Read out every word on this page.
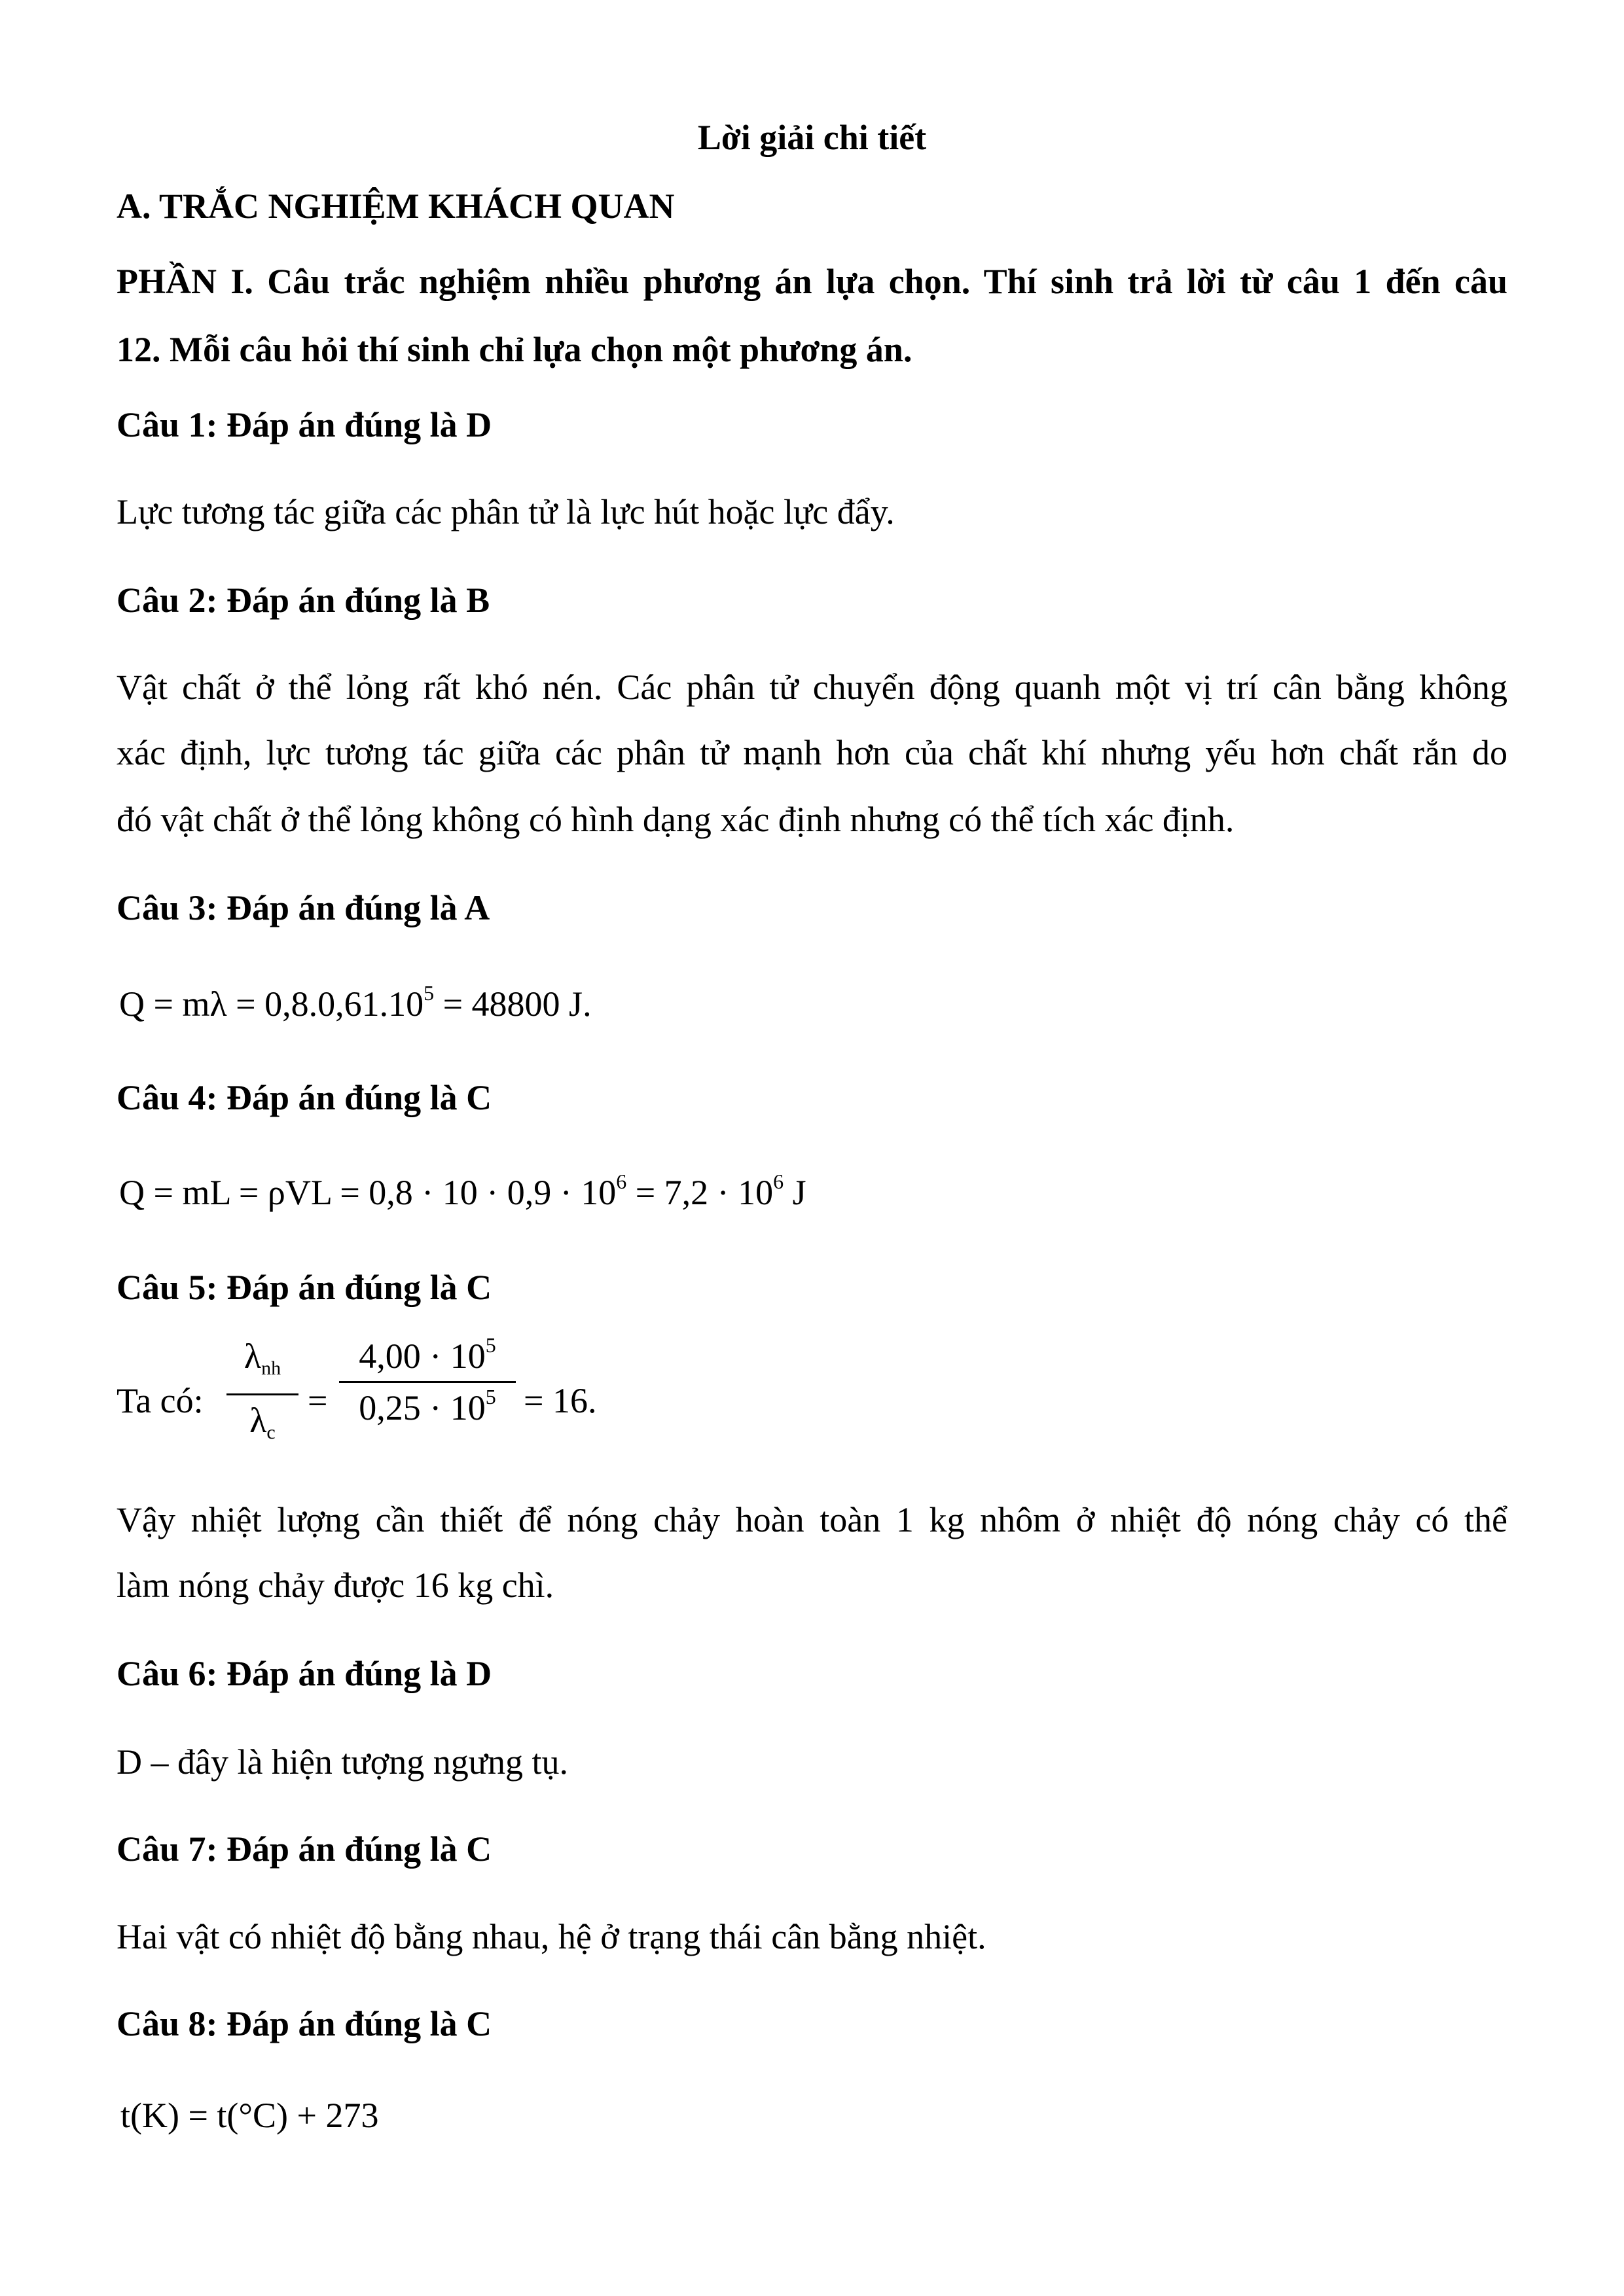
Lời giải chi tiết
A. TRẮC NGHIỆM KHÁCH QUAN
PHẦN I. Câu trắc nghiệm nhiều phương án lựa chọn. Thí sinh trả lời từ câu 1 đến câu
12. Mỗi câu hỏi thí sinh chỉ lựa chọn một phương án.
Câu 1: Đáp án đúng là D
Lực tương tác giữa các phân tử là lực hút hoặc lực đẩy.
Câu 2: Đáp án đúng là B
Vật chất ở thể lỏng rất khó nén. Các phân tử chuyển động quanh một vị trí cân bằng không
xác định, lực tương tác giữa các phân tử mạnh hơn của chất khí nhưng yếu hơn chất rắn do
đó vật chất ở thể lỏng không có hình dạng xác định nhưng có thể tích xác định.
Câu 3: Đáp án đúng là A
$Q = m\lambda = 0,8.0,61.10^5 = 48800$ J.
Câu 4: Đáp án đúng là C
Q = mL = $\rho VL = 0,8 \cdot 10 \cdot 0,9 \cdot 10^6 = 7,2 \cdot 10^6$ J
Câu 5: Đáp án đúng là C
Ta có:
$\lambda_{nh}$
$\lambda_c$
=
$4,00 \cdot 10^5$
$0,25 \cdot 10^5 = 16$.
Vậy nhiệt lượng cần thiết để nóng chảy hoàn toàn 1 kg nhôm ở nhiệt độ nóng chảy có thể
làm nóng chảy được 16 kg chì.
Câu 6: Đáp án đúng là D
D – đây là hiện tượng ngưng tụ.
Câu 7: Đáp án đúng là C
Hai vật có nhiệt độ bằng nhau, hệ ở trạng thái cân bằng nhiệt.
Câu 8: Đáp án đúng là C
t(K) = t(°C) + 273
